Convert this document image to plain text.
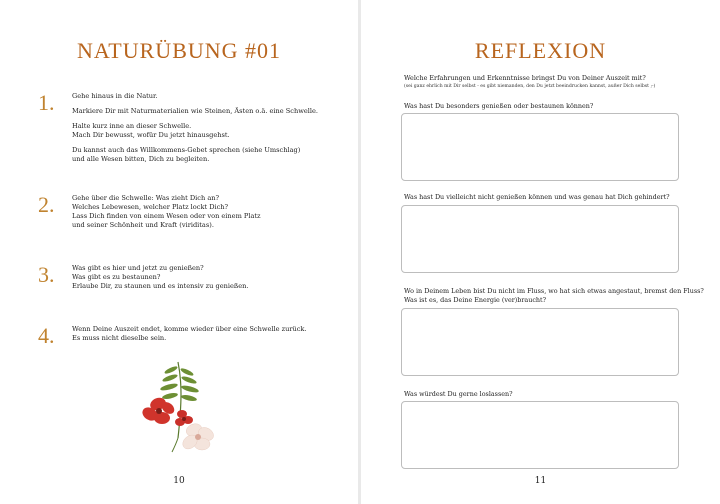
NATURÜBUNG #01
1.	Gehe hinaus in die Natur.

Markiere Dir mit Naturmaterialien wie Steinen, Ästen o.ä. eine Schwelle.

Halte kurz inne an dieser Schwelle.
Mach Dir bewusst, wofür Du jetzt hinausgehst.

Du kannst auch das Willkommens-Gebet sprechen (siehe Umschlag)
und alle Wesen bitten, Dich zu begleiten.

2.	Gehe über die Schwelle: Was zieht Dich an?
Welches Lebewesen, welcher Platz lockt Dich?
Lass Dich finden von einem Wesen oder von einem Platz
und seiner Schönheit und Kraft (viriditas).

3.	Was gibt es hier und jetzt zu genießen?
Was gibt es zu bestaunen?
Erlaube Dir, zu staunen und es intensiv zu genießen.

4.	Wenn Deine Auszeit endet, komme wieder über eine Schwelle zurück.
Es muss nicht dieselbe sein.

10
REFLEXION
Welche Erfahrungen und Erkenntnisse bringst Du von Deiner Auszeit mit?
(sei ganz ehrlich mit Dir selbst - es gibt niemanden, den Du jetzt beeindrucken kannst, außer Dich selbst ;-)
Was hast Du besonders genießen oder bestaunen können?
Was hast Du vielleicht nicht genießen können und was genau hat Dich gehindert?
Wo in Deinem Leben bist Du nicht im Fluss, wo hat sich etwas angestaut, bremst den Fluss?
Was ist es, das Deine Energie (ver)braucht?
Was würdest Du gerne loslassen?
11
